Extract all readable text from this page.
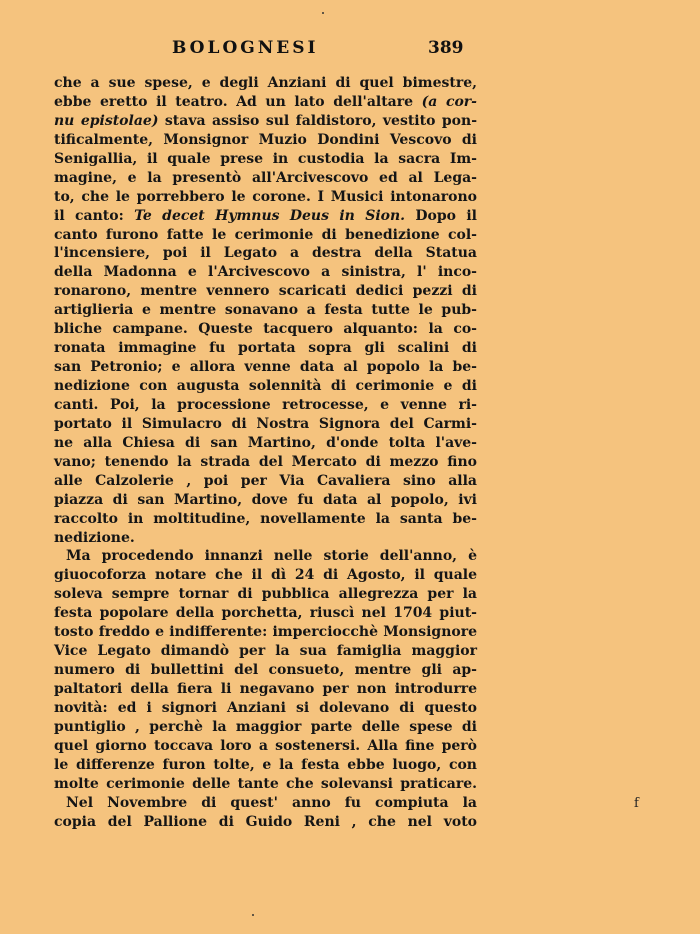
BOLOGNESI	389
che a sue spese, e degli Anziani di quel bimestre,
ebbe eretto il teatro. Ad un lato dell'altare (a cor-
nu epistolae) stava assiso sul faldistoro, vestito pon-
tificalmente, Monsignor Muzio Dondini Vescovo di
Senigallia, il quale prese in custodia la sacra Im-
magine, e la presentò all'Arcivescovo ed al Lega-
to, che le porrebbero le corone. I Musici intonarono
il canto: Te decet Hymnus Deus in Sion. Dopo il
canto furono fatte le cerimonie di benedizione col-
l'incensiere, poi il Legato a destra della Statua
della Madonna e l'Arcivescovo a sinistra, l' inco-
ronarono, mentre vennero scaricati dedici pezzi di
artiglieria e mentre sonavano a festa tutte le pub-
bliche campane. Queste tacquero alquanto: la co-
ronata immagine fu portata sopra gli scalini di
san Petronio; e allora venne data al popolo la be-
nedizione con augusta solennità di cerimonie e di
canti. Poi, la processione retrocesse, e venne ri-
portato il Simulacro di Nostra Signora del Carmi-
ne alla Chiesa di san Martino, d'onde tolta l'ave-
vano; tenendo la strada del Mercato di mezzo fino
alle Calzolerie , poi per Via Cavaliera sino alla
piazza di san Martino, dove fu data al popolo, ivi
raccolto in moltitudine, novellamente la santa be-
nedizione.
Ma procedendo innanzi nelle storie dell'anno, è
giuocoforza notare che il dì 24 di Agosto, il quale
soleva sempre tornar di pubblica allegrezza per la
festa popolare della porchetta, riuscì nel 1704 piut-
tosto freddo e indifferente: imperciocchè Monsignore
Vice Legato dimandò per la sua famiglia maggior
numero di bullettini del consueto, mentre gli ap-
paltatori della fiera li negavano per non introdurre
novità: ed i signori Anziani si dolevano di questo
puntiglio , perchè la maggior parte delle spese di
quel giorno toccava loro a sostenersi. Alla fine però
le differenze furon tolte, e la festa ebbe luogo, con
molte cerimonie delle tante che solevansi praticare.
Nel Novembre di quest' anno fu compiuta la
copia del Pallione di Guido Reni , che nel voto
f
